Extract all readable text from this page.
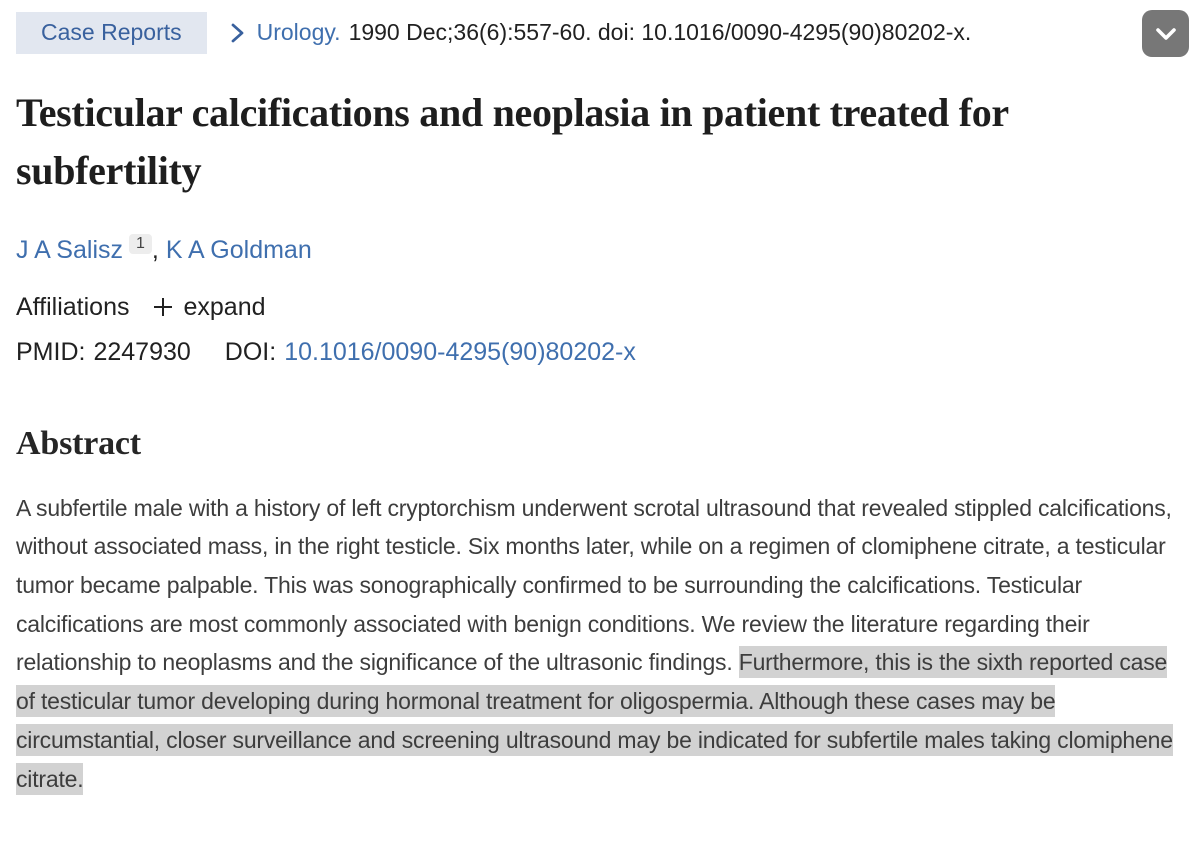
Case Reports	Urology. 1990 Dec;36(6):557-60. doi: 10.1016/0090-4295(90)80202-x.
Testicular calcifications and neoplasia in patient treated for subfertility
J A Salisz 1 , K A Goldman
Affiliations expand
PMID: 2247930 DOI: 10.1016/0090-4295(90)80202-x
Abstract

A subfertile male with a history of left cryptorchism underwent scrotal ultrasound that revealed stippled calcifications, without associated mass, in the right testicle. Six months later, while on a regimen of clomiphene citrate, a testicular tumor became palpable. This was sonographically confirmed to be surrounding the calcifications. Testicular calcifications are most commonly associated with benign conditions. We review the literature regarding their relationship to neoplasms and the significance of the ultrasonic findings. Furthermore, this is the sixth reported case of testicular tumor developing during hormonal treatment for oligospermia. Although these cases may be circumstantial, closer surveillance and screening ultrasound may be indicated for subfertile males taking clomiphene citrate.
